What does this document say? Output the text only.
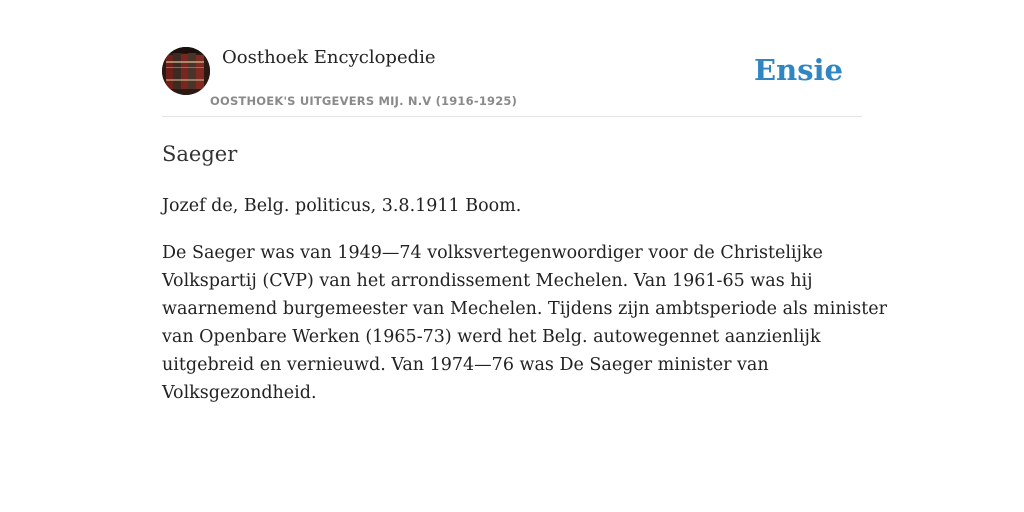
Oosthoek Encyclopedie
OOSTHOEK'S UITGEVERS MIJ. N.V (1916-1925)
Ensie
Saeger

Jozef de, Belg. politicus, 3.8.1911 Boom.

De Saeger was van 1949—74 volksvertegenwoordiger voor de Christelijke
Volkspartij (CVP) van het arrondissement Mechelen. Van 1961-65 was hij
waarnemend burgemeester van Mechelen. Tijdens zijn ambtsperiode als minister
van Openbare Werken (1965-73) werd het Belg. autowegennet aanzienlijk
uitgebreid en vernieuwd. Van 1974—76 was De Saeger minister van
Volksgezondheid.
